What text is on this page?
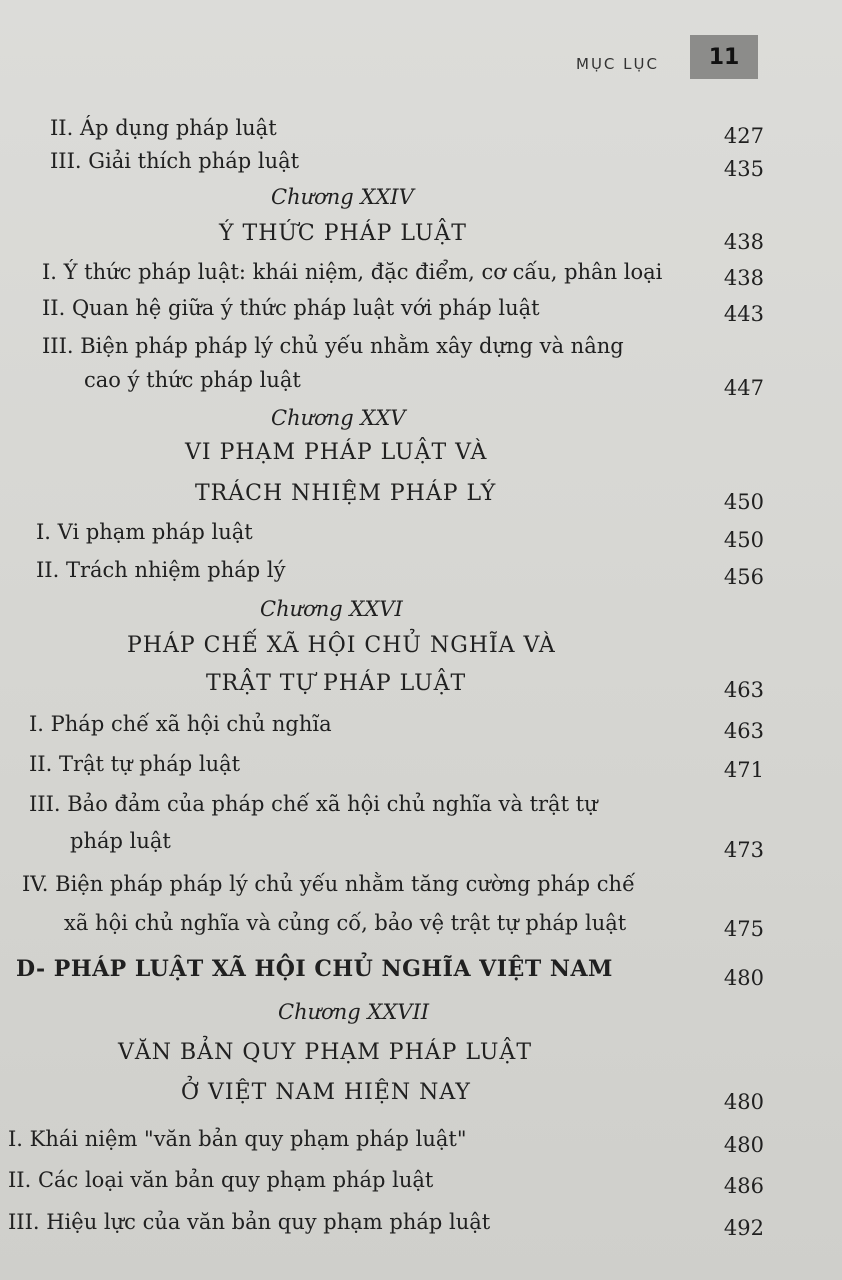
MỤC LỤC 11
II. Áp dụng pháp luật	427
III. Giải thích pháp luật	435
Chương XXIV
Ý THỨC PHÁP LUẬT	438
I. Ý thức pháp luật: khái niệm, đặc điểm, cơ cấu, phân loại	438
II. Quan hệ giữa ý thức pháp luật với pháp luật	443
III. Biện pháp pháp lý chủ yếu nhằm xây dựng và nâng
cao ý thức pháp luật	447
Chương XXV
VI PHẠM PHÁP LUẬT VÀ
TRÁCH NHIỆM PHÁP LÝ	450
I. Vi phạm pháp luật	450
II. Trách nhiệm pháp lý	456
Chương XXVI
PHÁP CHẾ XÃ HỘI CHỦ NGHĨA VÀ
TRẬT TỰ PHÁP LUẬT	463
I. Pháp chế xã hội chủ nghĩa	463
II. Trật tự pháp luật	471
III. Bảo đảm của pháp chế xã hội chủ nghĩa và trật tự
pháp luật	473
IV. Biện pháp pháp lý chủ yếu nhằm tăng cường pháp chế
xã hội chủ nghĩa và củng cố, bảo vệ trật tự pháp luật	475
D- PHÁP LUẬT XÃ HỘI CHỦ NGHĨA VIỆT NAM	480
Chương XXVII
VĂN BẢN QUY PHẠM PHÁP LUẬT
Ở VIỆT NAM HIỆN NAY	480
I. Khái niệm "văn bản quy phạm pháp luật"	480
II. Các loại văn bản quy phạm pháp luật	486
III. Hiệu lực của văn bản quy phạm pháp luật	492
